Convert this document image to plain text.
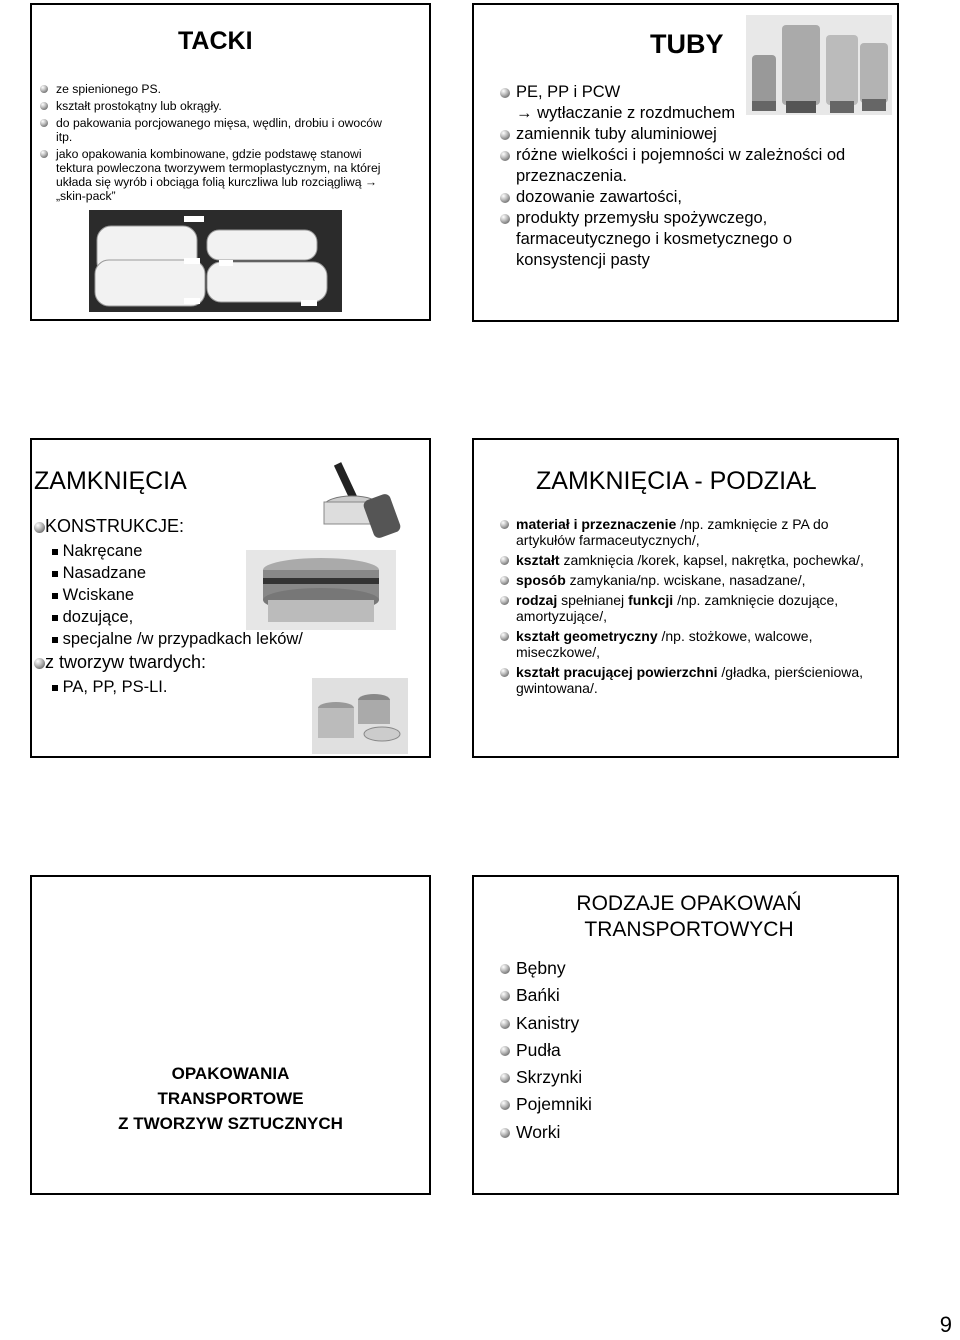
TACKI
ze spienionego PS.
kształt prostokątny lub okrągły.
do pakowania porcjowanego mięsa, wędlin, drobiu i owoców itp.
jako opakowania kombinowane, gdzie podstawę stanowi tektura powleczona tworzywem termoplastycznym, na której układa się wyrób i obciąga folią kurczliwa lub rozciągliwą → „skin-pack”
TUBY
PE, PP i PCW
→ wytłaczanie z rozdmuchem
zamiennik tuby aluminiowej
różne wielkości i pojemności w zależności od przeznaczenia.
dozowanie zawartości,
produkty przemysłu spożywczego, farmaceutycznego i kosmetycznego o konsystencji pasty
ZAMKNIĘCIA
KONSTRUKCJE:
Nakręcane
Nasadzane
Wciskane
dozujące,
specjalne /w przypadkach leków/
z tworzyw twardych:
PA, PP, PS-LI.
ZAMKNIĘCIA - PODZIAŁ
materiał i przeznaczenie /np. zamknięcie z PA do artykułów farmaceutycznych/,
kształt zamknięcia /korek, kapsel, nakrętka, pochewka/,
sposób zamykania/np. wciskane, nasadzane/,
rodzaj spełnianej funkcji /np. zamknięcie dozujące, amortyzujące/,
kształt geometryczny /np. stożkowe, walcowe, miseczkowe/,
kształt pracującej powierzchni /gładka, pierścieniowa, gwintowana/.
OPAKOWANIA
TRANSPORTOWE
Z TWORZYW SZTUCZNYCH
RODZAJE OPAKOWAŃ
TRANSPORTOWYCH
Bębny
Bańki
Kanistry
Pudła
Skrzynki
Pojemniki
Worki
9
